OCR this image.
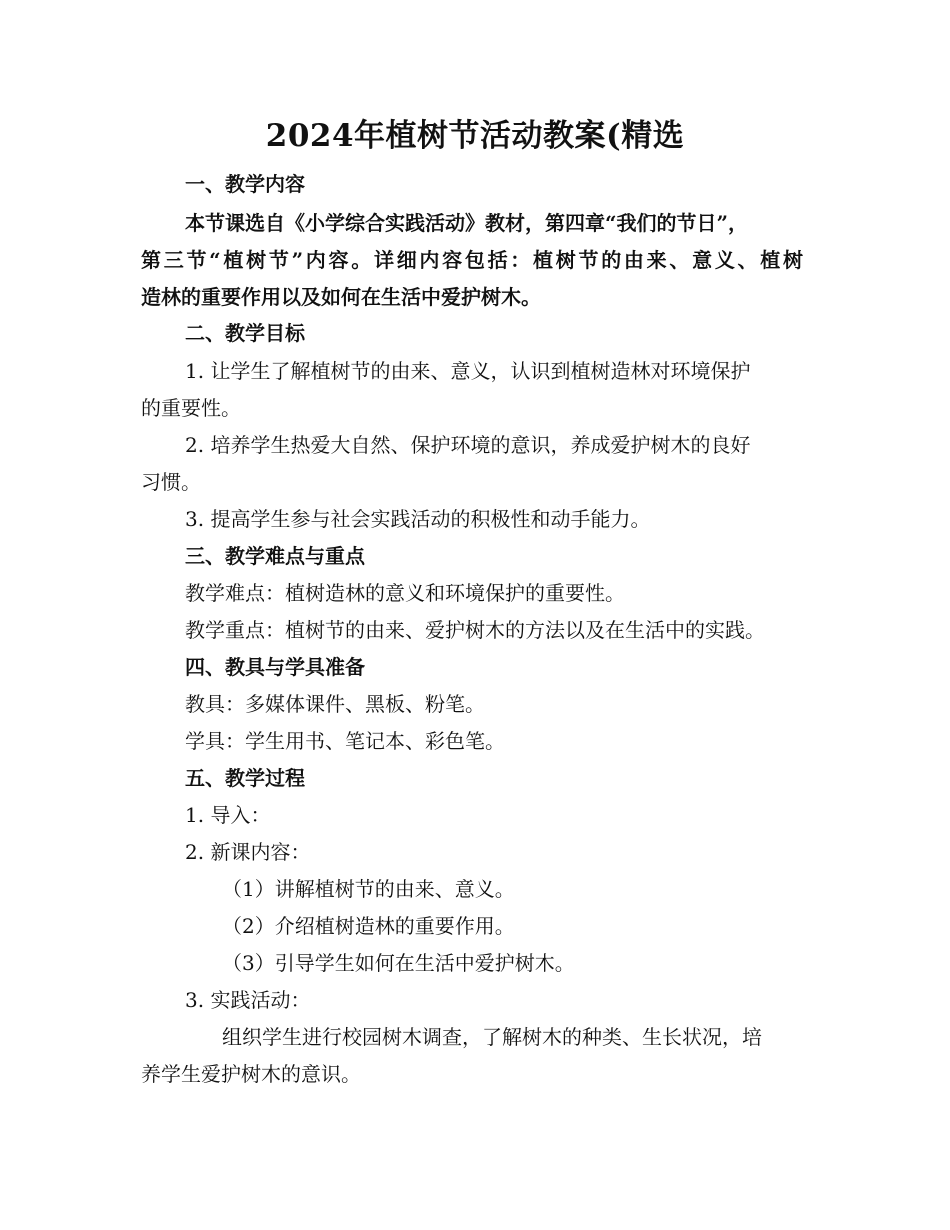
2024年植树节活动教案(精选
一、教学内容
本节课选自《小学综合实践活动》教材，第四章“我们的节日”，
第三节“植树节”内容。详细内容包括：植树节的由来、意义、植树
造林的重要作用以及如何在生活中爱护树木。
二、教学目标
1. 让学生了解植树节的由来、意义，认识到植树造林对环境保护
的重要性。
2. 培养学生热爱大自然、保护环境的意识，养成爱护树木的良好
习惯。
3. 提高学生参与社会实践活动的积极性和动手能力。
三、教学难点与重点
教学难点：植树造林的意义和环境保护的重要性。
教学重点：植树节的由来、爱护树木的方法以及在生活中的实践。
四、教具与学具准备
教具：多媒体课件、黑板、粉笔。
学具：学生用书、笔记本、彩色笔。
五、教学过程
1. 导入：
2. 新课内容：
（1）讲解植树节的由来、意义。
（2）介绍植树造林的重要作用。
（3）引导学生如何在生活中爱护树木。
3. 实践活动：
组织学生进行校园树木调查，了解树木的种类、生长状况，培
养学生爱护树木的意识。
